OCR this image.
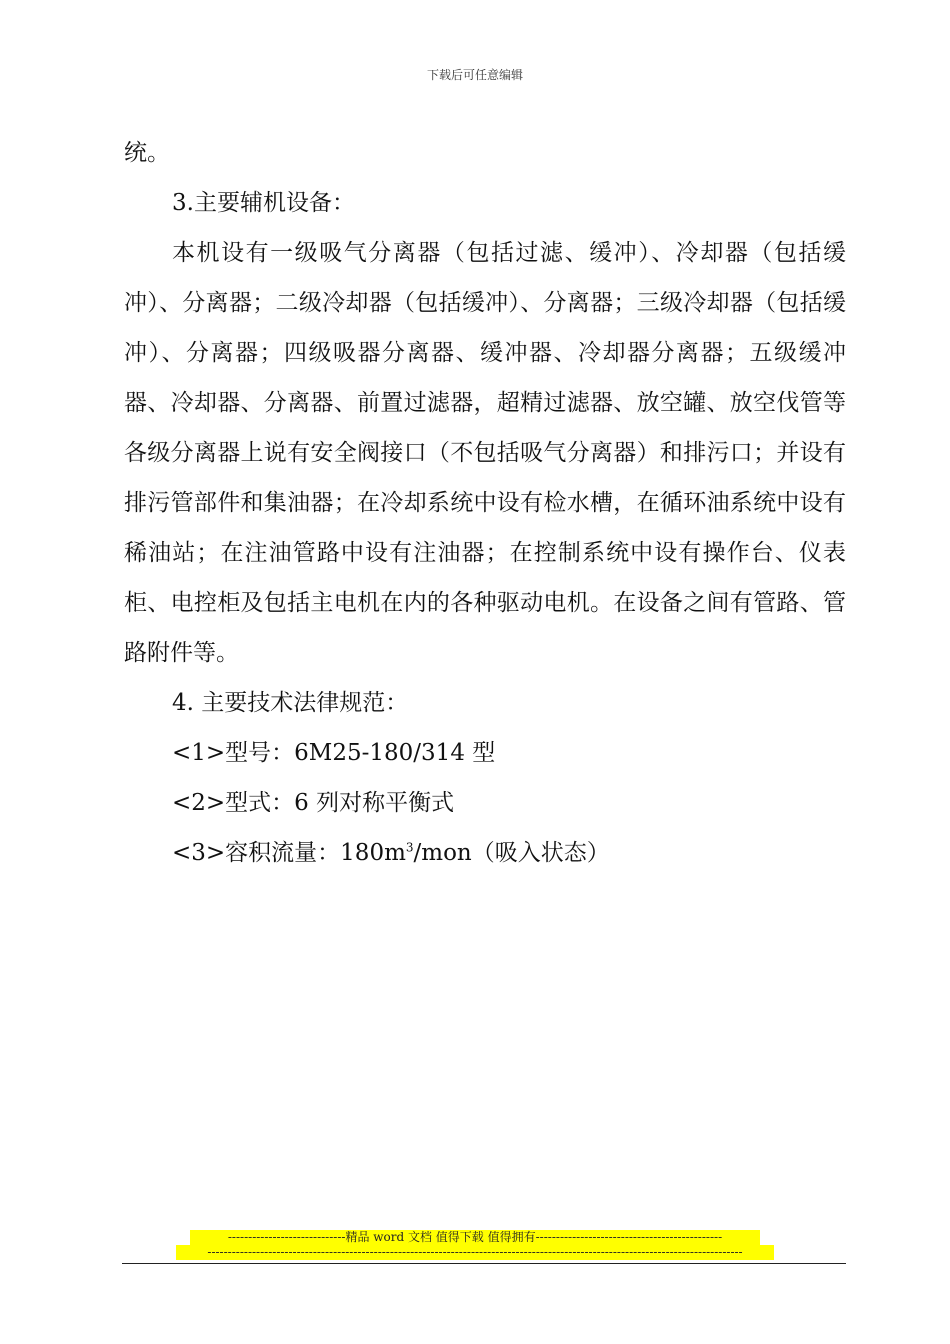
下载后可任意编辑

统。

3.主要辅机设备：

本机设有一级吸气分离器（包括过滤、缓冲）、冷却器（包括缓冲）、分离器；二级冷却器（包括缓冲）、分离器；三级冷却器（包括缓冲）、分离器；四级吸器分离器、缓冲器、冷却器分离器；五级缓冲器、冷却器、分离器、前置过滤器，超精过滤器、放空罐、放空伐管等各级分离器上说有安全阀接口（不包括吸气分离器）和排污口；并设有排污管部件和集油器；在冷却系统中设有检水槽，在循环油系统中设有稀油站；在注油管路中设有注油器；在控制系统中设有操作台、仪表柜、电控柜及包括主电机在内的各种驱动电机。在设备之间有管路、管路附件等。

4. 主要技术法律规范：

<1>型号：6M25-180/314 型

<2>型式：6 列对称平衡式

<3>容积流量：$180m^3/mon$（吸入状态）

-----------------------------精品 word 文档 值得下载 值得拥有----------------------------------------------
------------------------------------------------------------------------------------------------------------------------------------
